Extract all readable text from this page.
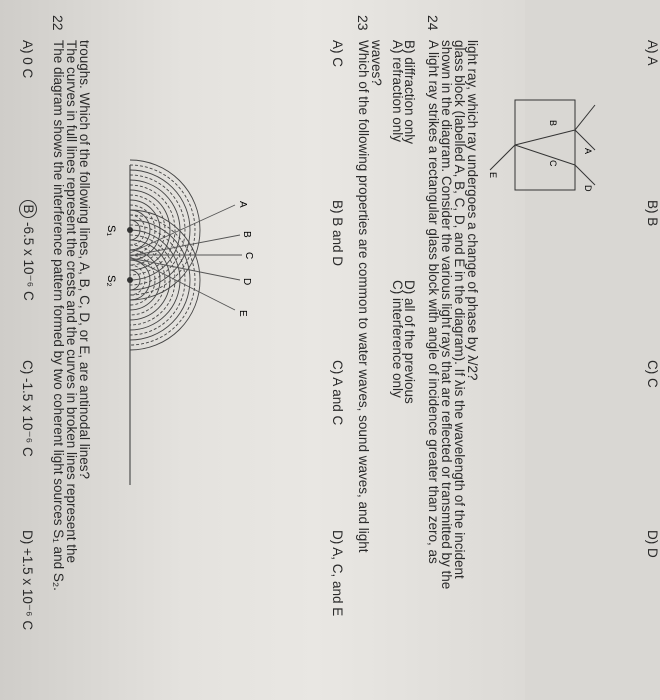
A) 0 C
B-6.5 x 10⁻⁶ C
C) -1.5 x 10⁻⁶ C
D) +1.5 x 10⁻⁶ C
22
The diagram shows the interference pattern formed by two coherent light sources S₁ and S₂.
The curves in full lines represent the crests and the curves in broken lines represent the
troughs. Which of the following lines, A, B, C, D, or E, are antinodal lines? S₁
S₂
A
B
C
D
E
A) C
B) B and D
C) A and C
D) A, C, and E
23
Which of the following properties are common to water waves, sound waves, and light
waves? A) refraction only
B) diffraction only
C) interference only
D) all of the previous
24
A light ray strikes a rectangular glass block with angle of incidence greater than zero, as
shown in the diagram. Consider the various light rays that are reflected or transmitted by the
glass block (labelled A, B, C, D, and E in the diagram). If λis the wavelength of the incident
light ray, which ray undergoes a change of phase by λ/2?	A
B
C
D
E
A) A
B) B
C) C
D) D
